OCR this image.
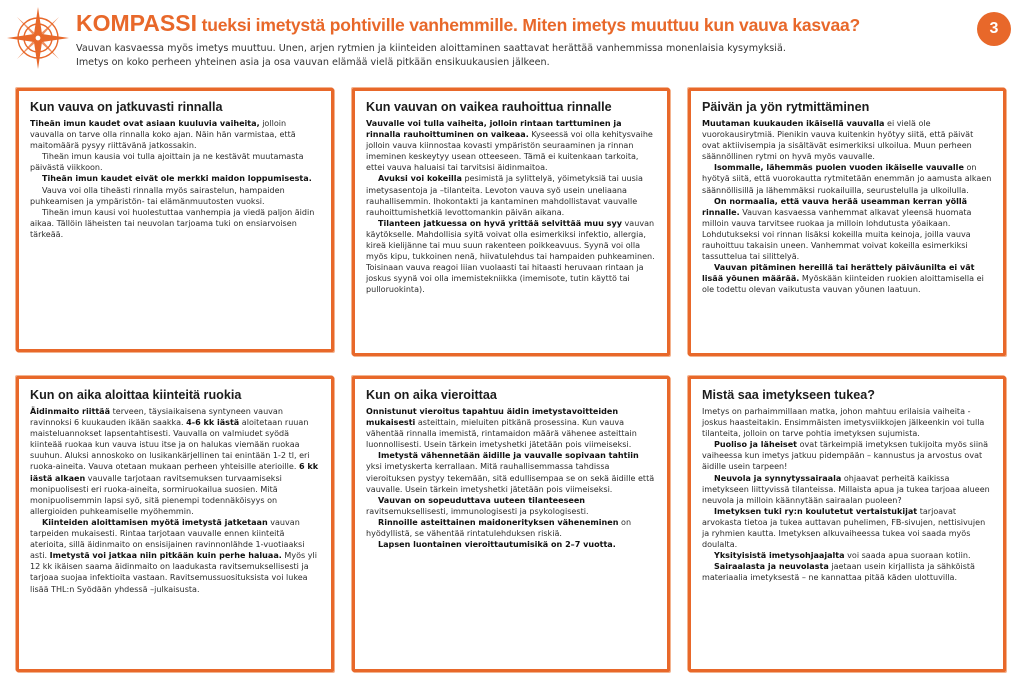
KOMPASSI tueksi imetystä pohtiville vanhemmille. Miten imetys muuttuu kun vauva kasvaa?	3

Vauvan kasvaessa myös imetys muuttuu. Unen, arjen rytmien ja kiinteiden aloittaminen saattavat herättää vanhemmissa monenlaisia kysymyksiä.

Imetys on koko perheen yhteinen asia ja osa vauvan elämää vielä pitkään ensikuukausien jälkeen.

Kun vauva on jatkuvasti rinnalla

Tiheän imun kaudet ovat asiaan kuuluvia vaiheita, jolloin vauvalla on tarve olla rinnalla koko ajan. Näin hän varmistaa, että maitomäärä pysyy riittävänä jatkossakin.

Tiheän imun kausia voi tulla ajoittain ja ne kestävät muutamasta päivästä viikkoon.

Tiheän imun kaudet eivät ole merkki maidon loppumisesta.

Vauva voi olla tiheästi rinnalla myös sairastelun, hampaiden puhkeamisen ja ympäristön- tai elämänmuutosten vuoksi.

Tiheän imun kausi voi huolestuttaa vanhempia ja viedä paljon äidin aikaa. Tällöin läheisten tai neuvolan tarjoama tuki on ensiarvoisen tärkeää.

Kun vauvan on vaikea rauhoittua rinnalle

Vauvalle voi tulla vaiheita, jolloin rintaan tarttuminen ja rinnalla rauhoittuminen on vaikeaa. Kyseessä voi olla kehitysvaihe jolloin vauva kiinnostaa kovasti ympäristön seuraaminen ja rinnan imeminen keskeytyy usean otteeseen. Tämä ei kuitenkaan tarkoita, ettei vauva haluaisi tai tarvitsisi äidinmaitoa.

Avuksi voi kokeilla pesimistä ja sylittelyä, yöimetyksiä tai uusia imetysasentoja ja –tilanteita. Levoton vauva syö usein uneliaana rauhallisemmin. Ihokontakti ja kantaminen mahdollistavat vauvalle rauhoittumishetkiä levottomankin päivän aikana.

Tilanteen jatkuessa on hyvä yrittää selvittää muu syy vauvan käytökselle. Mahdollisia syitä voivat olla esimerkiksi infektio, allergia, kireä kielijänne tai muu suun rakenteen poikkeavuus. Syynä voi olla myös kipu, tukkoinen nenä, hiivatulehdus tai hampaiden puhkeaminen. Toisinaan vauva reagoi liian vuolaasti tai hitaasti heruvaan rintaan ja joskus syynä voi olla imemistekniikka (imemisote, tutin käyttö tai pulloruokinta).

Päivän ja yön rytmittäminen

Muutaman kuukauden ikäisellä vauvalla ei vielä ole vuorokausirytmiä. Pienikin vauva kuitenkin hyötyy siitä, että päivät ovat aktiivisempia ja sisältävät esimerkiksi ulkoilua. Muun perheen säännöllinen rytmi on hyvä myös vauvalle.

Isommalle, lähemmäs puolen vuoden ikäiselle vauvalle on hyötyä siitä, että vuorokautta rytmitetään enemmän jo aamusta alkaen säännöllisillä ja lähemmäksi ruokailuilla, seurustelulla ja ulkoilulla.

On normaalia, että vauva herää useamman kerran yöllä rinnalle. Vauvan kasvaessa vanhemmat alkavat yleensä huomata milloin vauva tarvitsee ruokaa ja milloin lohdutusta yöaikaan. Lohdutukseksi voi rinnan lisäksi kokeilla muita keinoja, joilla vauva rauhoittuu takaisin uneen. Vanhemmat voivat kokeilla esimerkiksi tassuttelua tai silittelyä.

Vauvan pitäminen hereillä tai herättely päiväunilta ei vät lisää yöunen määrää. Myöskään kiinteiden ruokien aloittamisella ei ole todettu olevan vaikutusta vauvan yöunen laatuun.

Kun on aika aloittaa kiinteitä ruokia

Äidinmaito riittää terveen, täysiaikaisena syntyneen vauvan ravinnoksi 6 kuukauden ikään saakka. 4-6 kk iästä aloitetaan ruuan maisteluannokset lapsentahtisesti. Vauvalla on valmiudet syödä kiinteää ruokaa kun vauva istuu itse ja on halukas viemään ruokaa suuhun. Aluksi annoskoko on lusikankärjellinen tai enintään 1-2 tl, eri ruoka-aineita. Vauva otetaan mukaan perheen yhteisille aterioille. 6 kk iästä alkaen vauvalle tarjotaan ravitsemuksen turvaamiseksi monipuolisesti eri ruoka-aineita, sormiruokailua suosien. Mitä monipuolisemmin lapsi syö, sitä pienempi todennäköisyys on allergioiden puhkeamiselle myöhemmin.

Kiinteiden aloittamisen myötä imetystä jatketaan vauvan tarpeiden mukaisesti. Rintaa tarjotaan vauvalle ennen kiinteitä aterioita, sillä äidinmaito on ensisijainen ravinnonlähde 1-vuotiaaksi asti. Imetystä voi jatkaa niin pitkään kuin perhe haluaa. Myös yli 12 kk ikäisen saama äidinmaito on laadukasta ravitsemuksellisesti ja tarjoaa suojaa infektioita vastaan. Ravitsemussuosituksista voi lukea lisää THL:n Syödään yhdessä –julkaisusta.

Kun on aika vieroittaa

Onnistunut vieroitus tapahtuu äidin imetystavoitteiden mukaisesti asteittain, mieluiten pitkänä prosessina. Kun vauva vähentää rinnalla imemistä, rintamaidon määrä vähenee asteittain luonnollisesti. Usein tärkein imetyshetki jätetään pois viimeiseksi.

Imetystä vähennetään äidille ja vauvalle sopivaan tahtiin yksi imetyskerta kerrallaan. Mitä rauhallisemmassa tahdissa vieroituksen pystyy tekemään, sitä edullisempaa se on sekä äidille että vauvalle. Usein tärkein imetyshetki jätetään pois viimeiseksi.

Vauvan on sopeuduttava uuteen tilanteeseen ravitsemuksellisesti, immunologisesti ja psykologisesti.

Rinnoille asteittainen maidonerityksen väheneminen on hyödyllistä, se vähentää rintatulehduksen riskiä.

Lapsen luontainen vieroittautumisikä on 2–7 vuotta.

Mistä saa imetykseen tukea?

Imetys on parhaimmillaan matka, johon mahtuu erilaisia vaiheita - joskus haasteitakin. Ensimmäisten imetysviikkojen jälkeenkin voi tulla tilanteita, jolloin on tarve pohtia imetyksen sujumista.

Puoliso ja läheiset ovat tärkeimpiä imetyksen tukijoita myös siinä vaiheessa kun imetys jatkuu pidempään – kannustus ja arvostus ovat äidille usein tarpeen!

Neuvola ja synnytyssairaala ohjaavat perheitä kaikissa imetykseen liittyvissä tilanteissa. Millaista apua ja tukea tarjoaa alueen neuvola ja milloin käännytään sairaalan puoleen?

Imetyksen tuki ry:n koulutetut vertaistukijat tarjoavat arvokasta tietoa ja tukea auttavan puhelimen, FB-sivujen, nettisivujen ja ryhmien kautta. Imetyksen alkuvaiheessa tukea voi saada myös doulalta.

Yksityisistä imetysohjaajalta voi saada apua suoraan kotiin.

Sairaalasta ja neuvolasta jaetaan usein kirjallista ja sähköistä materiaalia imetyksestä – ne kannattaa pitää käden ulottuvilla.
